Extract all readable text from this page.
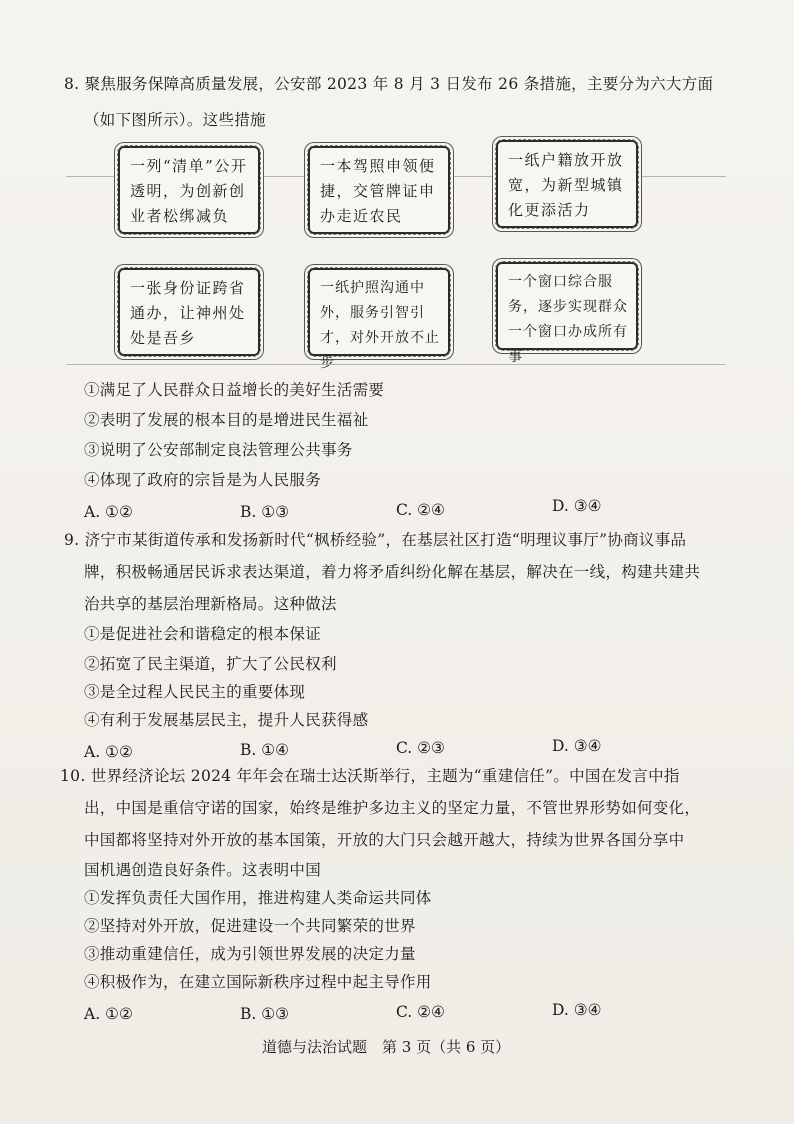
8. 聚焦服务保障高质量发展，公安部 2023 年 8 月 3 日发布 26 条措施，主要分为六大方面
（如下图所示）。这些措施
一列“清单”公开透明，为创新创业者松绑减负
一本驾照申领便捷，交管牌证申办走近农民
一纸户籍放开放宽，为新型城镇化更添活力
一张身份证跨省通办，让神州处处是吾乡
一纸护照沟通中外，服务引智引才，对外开放不止步
一个窗口综合服务，逐步实现群众一个窗口办成所有事
①满足了人民群众日益增长的美好生活需要
②表明了发展的根本目的是增进民生福祉
③说明了公安部制定良法管理公共事务
④体现了政府的宗旨是为人民服务
A. ①②	B. ①③	C. ②④	D. ③④
9. 济宁市某街道传承和发扬新时代“枫桥经验”，在基层社区打造“明理议事厅”协商议事品
牌，积极畅通居民诉求表达渠道，着力将矛盾纠纷化解在基层，解决在一线，构建共建共
治共享的基层治理新格局。这种做法
①是促进社会和谐稳定的根本保证
②拓宽了民主渠道，扩大了公民权利
③是全过程人民民主的重要体现
④有利于发展基层民主，提升人民获得感
A. ①②	B. ①④	C. ②③	D. ③④
10. 世界经济论坛 2024 年年会在瑞士达沃斯举行，主题为“重建信任”。中国在发言中指
出，中国是重信守诺的国家，始终是维护多边主义的坚定力量，不管世界形势如何变化，
中国都将坚持对外开放的基本国策，开放的大门只会越开越大，持续为世界各国分享中
国机遇创造良好条件。这表明中国
①发挥负责任大国作用，推进构建人类命运共同体
②坚持对外开放，促进建设一个共同繁荣的世界
③推动重建信任，成为引领世界发展的决定力量
④积极作为，在建立国际新秩序过程中起主导作用
A. ①②	B. ①③	C. ②④	D. ③④
道德与法治试题　第 3 页（共 6 页）
